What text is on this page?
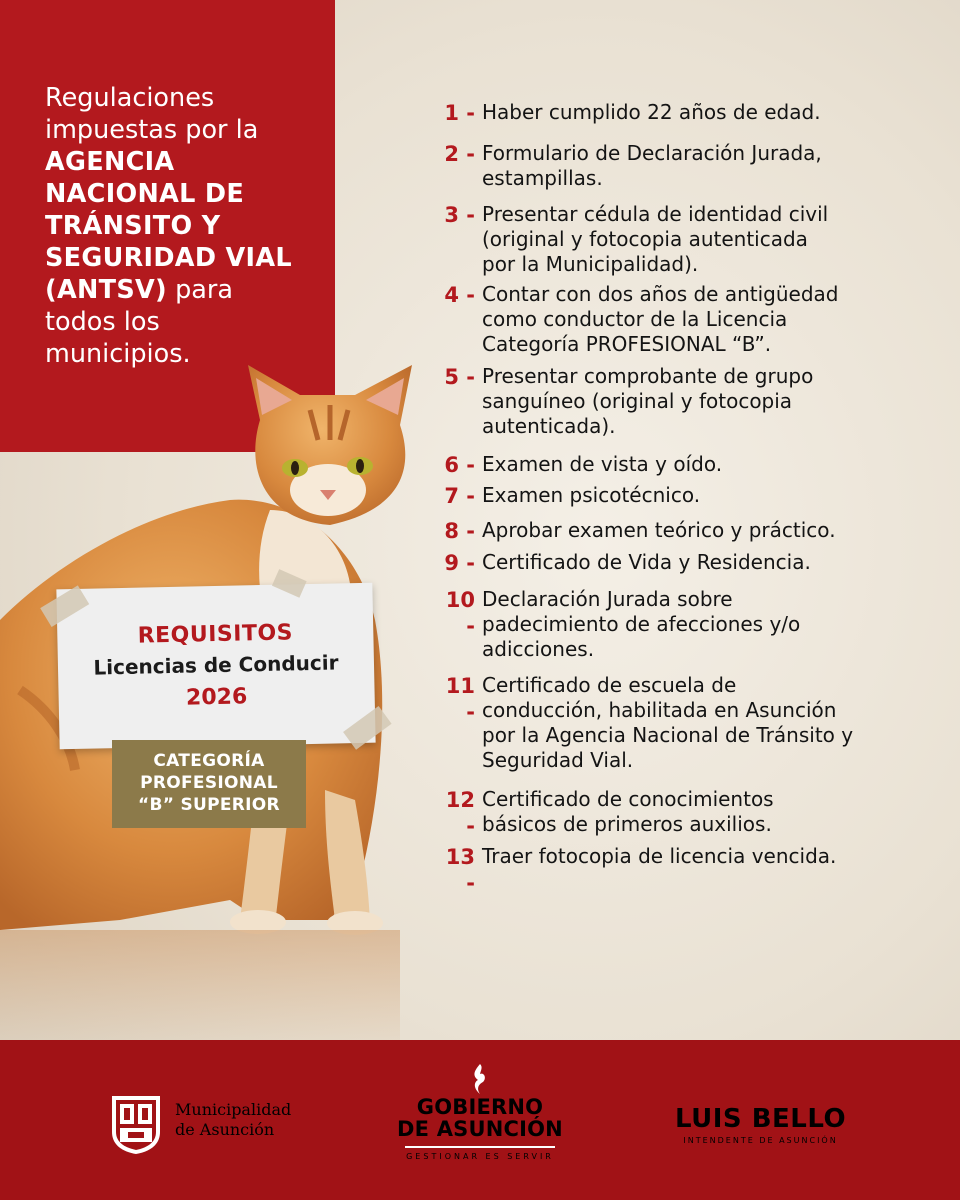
Regulaciones
impuestas por la
AGENCIA
NACIONAL DE
TRÁNSITO Y
SEGURIDAD VIAL
(ANTSV) para
todos los
municipios.
REQUISITOS
Licencias de Conducir
2026
CATEGORÍA
PROFESIONAL
“B” SUPERIOR
1 - Haber cumplido 22 años de edad.
2 - Formulario de Declaración Jurada,
estampillas.
3 - Presentar cédula de identidad civil
(original y fotocopia autenticada
por la Municipalidad).
4 - Contar con dos años de antigüedad
como conductor de la Licencia
Categoría PROFESIONAL “B”.
5 - Presentar comprobante de grupo
sanguíneo (original y fotocopia
autenticada).
6 - Examen de vista y oído.
7 - Examen psicotécnico.
8 - Aprobar examen teórico y práctico.
9 - Certificado de Vida y Residencia.
10 -
Declaración Jurada sobre
padecimiento de afecciones y/o
adicciones.
11 -
Certificado de escuela de
conducción, habilitada en Asunción
por la Agencia Nacional de Tránsito y
Seguridad Vial.
12 -
Certificado de conocimientos
básicos de primeros auxilios.
13 -
Traer fotocopia de licencia vencida.
Municipalidad
de Asunción
GOBIERNO
DE ASUNCIÓN
GESTIONAR ES SERVIR
LUIS BELLO
INTENDENTE DE ASUNCIÓN
